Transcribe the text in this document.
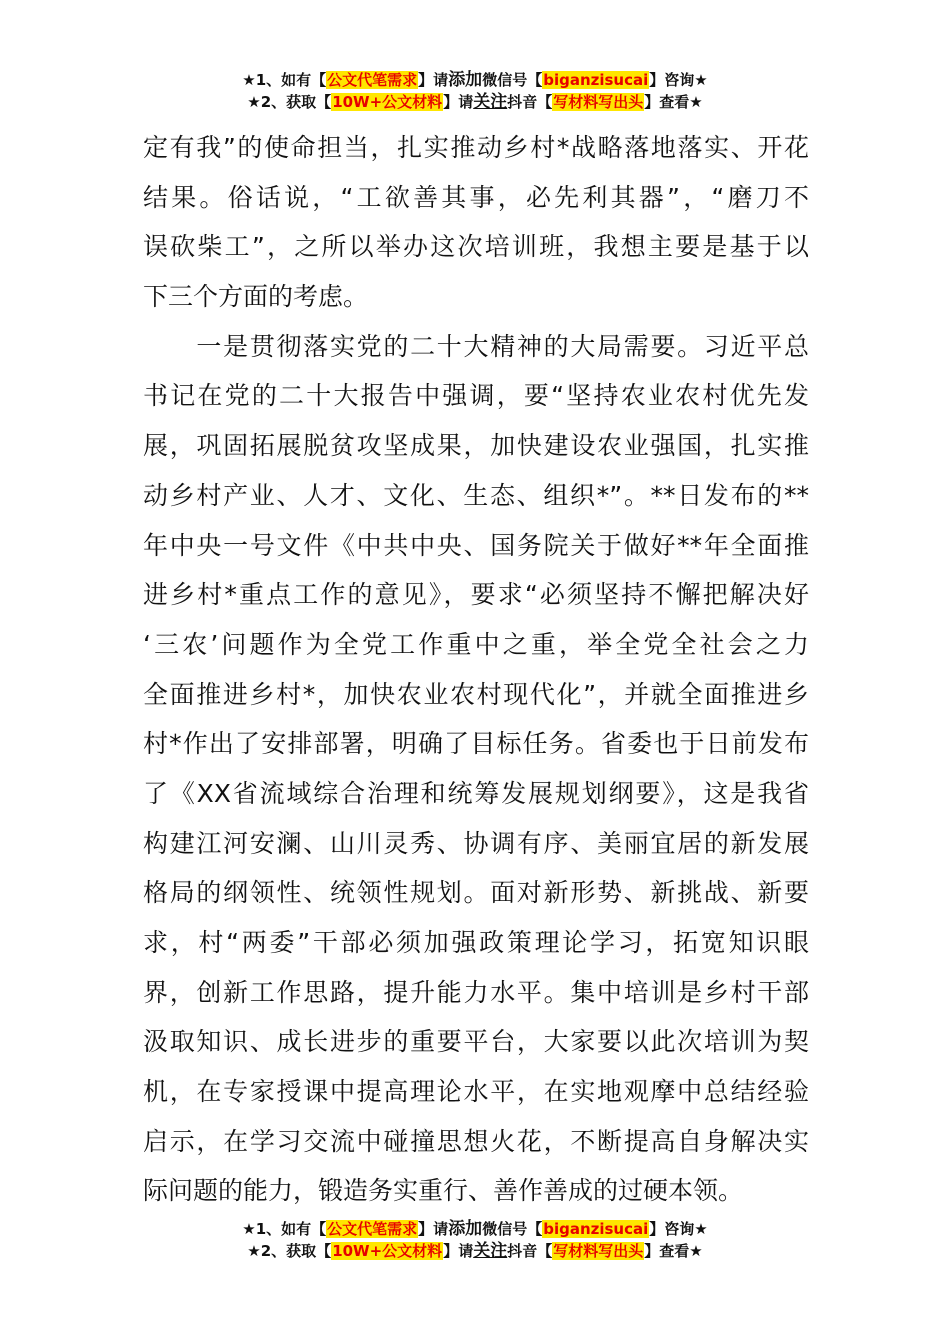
★1、如有【公文代笔需求】请添加微信号【biganzisucai】咨询★
★2、获取【10W+公文材料】请关注抖音【写材料写出头】查看★
定有我”的使命担当，扎实推动乡村*战略落地落实、开花
结果。俗话说，“工欲善其事，必先利其器”，“磨刀不
误砍柴工”，之所以举办这次培训班，我想主要是基于以
下三个方面的考虑。
　　一是贯彻落实党的二十大精神的大局需要。习近平总
书记在党的二十大报告中强调，要“坚持农业农村优先发
展，巩固拓展脱贫攻坚成果，加快建设农业强国，扎实推
动乡村产业、人才、文化、生态、组织*”。**日发布的**
年中央一号文件《中共中央、国务院关于做好**年全面推
进乡村*重点工作的意见》，要求“必须坚持不懈把解决好
‘三农’问题作为全党工作重中之重，举全党全社会之力
全面推进乡村*，加快农业农村现代化”，并就全面推进乡
村*作出了安排部署，明确了目标任务。省委也于日前发布
了《XX省流域综合治理和统筹发展规划纲要》，这是我省
构建江河安澜、山川灵秀、协调有序、美丽宜居的新发展
格局的纲领性、统领性规划。面对新形势、新挑战、新要
求，村“两委”干部必须加强政策理论学习，拓宽知识眼
界，创新工作思路，提升能力水平。集中培训是乡村干部
汲取知识、成长进步的重要平台，大家要以此次培训为契
机，在专家授课中提高理论水平，在实地观摩中总结经验
启示，在学习交流中碰撞思想火花，不断提高自身解决实
际问题的能力，锻造务实重行、善作善成的过硬本领。
★1、如有【公文代笔需求】请添加微信号【biganzisucai】咨询★
★2、获取【10W+公文材料】请关注抖音【写材料写出头】查看★
